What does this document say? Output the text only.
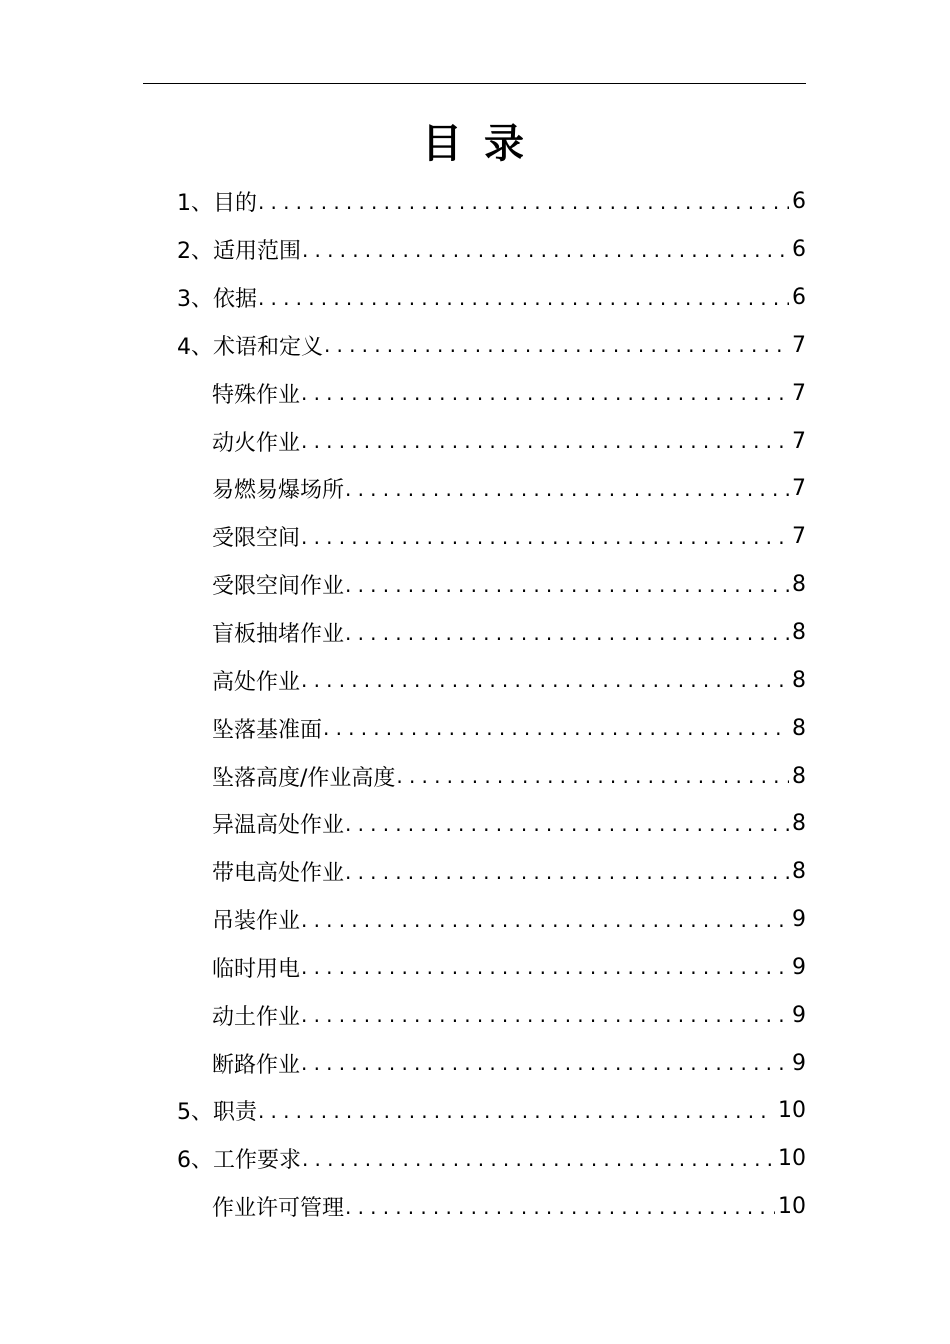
目 录
1、目的 .....	6
2、适用范围 .....	6
3、依据 .....	6
4、术语和定义 .....	7
特殊作业 .....	7
动火作业 .....	7
易燃易爆场所 .....	7
受限空间 .....	7
受限空间作业 .....	8
盲板抽堵作业 .....	8
高处作业 .....	8
坠落基准面 .....	8
坠落高度/作业高度 .....	8
异温高处作业 .....	8
带电高处作业 .....	8
吊装作业 .....	9
临时用电 .....	9
动土作业 .....	9
断路作业 .....	9
5、职责 .....	10
6、工作要求 .....	10
作业许可管理 .....	10
